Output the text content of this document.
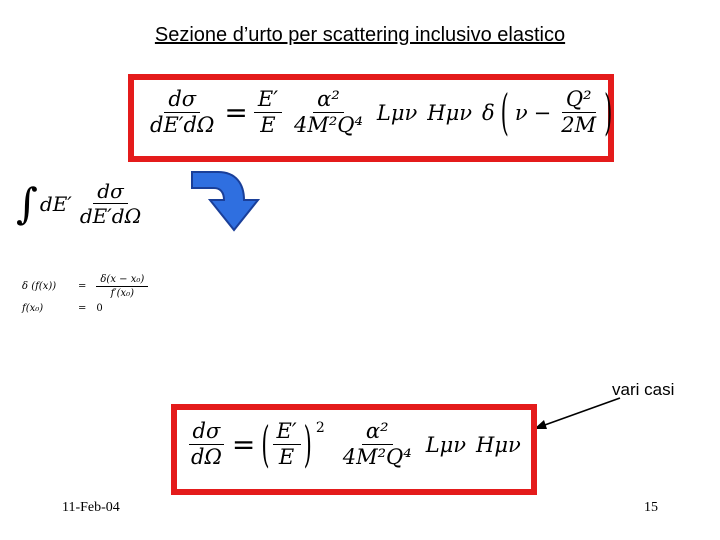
Sezione d’urto per scattering inclusivo elastico
$\frac{d\sigma}{dE'd\Omega} = \frac{E'}{E} \frac{\text{α²}}{\text{4M²Q⁴}}$ Lμν Hμν δ ( $\nu - \frac{\text{Q²}}{2M}$ )
∫ $dE' \frac{d\sigma}{dE'd\Omega}$
δ (f(x))	= $\frac{\text{δ(x − x₀)}}{\text{f′(x₀)}}$
f(x₀)	= 0
vari casi
$\frac{d\sigma}{d\Omega}$ = ( $\frac{E'}{E}$ ) $2 \frac{\text{α²}}{\text{4M²Q⁴}}$ Lμν Hμν
11-Feb-04	15
